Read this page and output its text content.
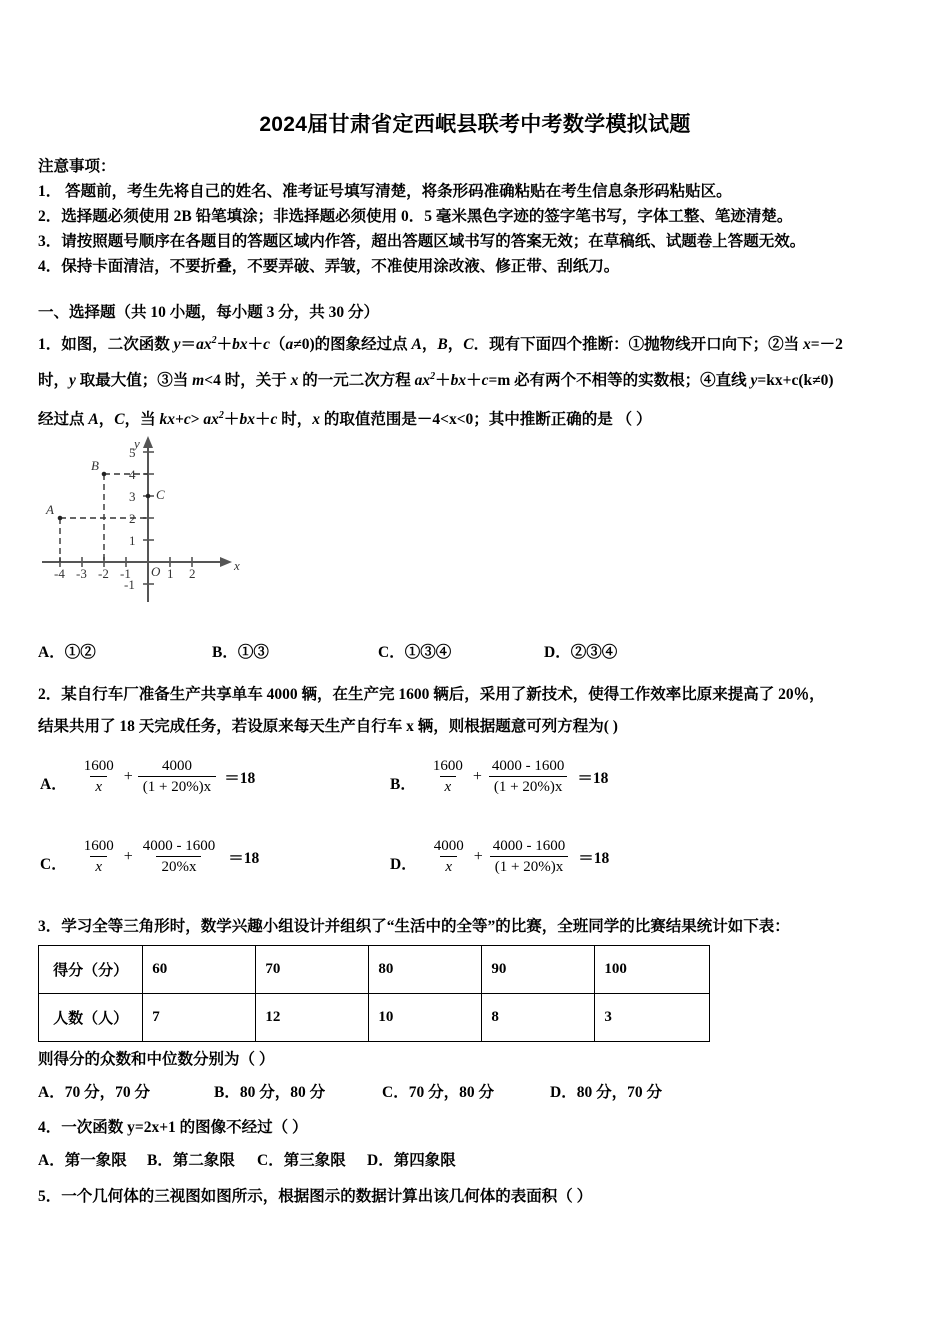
2024届甘肃省定西岷县联考中考数学模拟试题
注意事项：
1． 答题前，考生先将自己的姓名、准考证号填写清楚，将条形码准确粘贴在考生信息条形码粘贴区。
2．选择题必须使用 2B 铅笔填涂；非选择题必须使用 0．5 毫米黑色字迹的签字笔书写，字体工整、笔迹清楚。
3．请按照题号顺序在各题目的答题区域内作答，超出答题区域书写的答案无效；在草稿纸、试题卷上答题无效。
4．保持卡面清洁，不要折叠，不要弄破、弄皱，不准使用涂改液、修正带、刮纸刀。
一、选择题（共 10 小题，每小题 3 分，共 30 分）
1．如图，二次函数 $y=ax^2+bx+c(a\ne 0)$的图象经过点 A，B，C．现有下面四个推断：①抛物线开口向下；②当 x=－2
时，y 取最大值；③当 m<4 时，关于 x 的一元二次方程 $ax^2+bx+c=m$ 必有两个不相等的实数根；④直线 y=kx+c(k≠0)
经过点 A，C，当 $kx+c> ax^2+bx+c$ 时，x 的取值范围是－4<x<0；其中推断正确的是 （ ）
x
y
O
-4 -3 -2 -1	1 2
5
4
3
2
1
-1
A
B
C
A．①②	B．①③	C．①③④	D．②③④
2．某自行车厂准备生产共享单车 4000 辆，在生产完 1600 辆后，采用了新技术，使得工作效率比原来提高了 20％，
结果共用了 18 天完成任务，若设原来每天生产自行车 x 辆，则根据题意可列方程为( )
A． $\frac{1600}{x} + \frac{4000}{(1 + 20\%)x} =18$	B． $\frac{1600}{x} + \frac{4000 - 1600}{(1 + 20\%)x} =18$
C． $\frac{1600}{x} + \frac{4000 - 1600}{20\%x} =18$	D． $\frac{4000}{x} + \frac{4000 - 1600}{(1 + 20\%)x} =18$
3．学习全等三角形时，数学兴趣小组设计并组织了“生活中的全等”的比赛，全班同学的比赛结果统计如下表：
得分（分）	60	70	80	90	100
人数（人）	7	12	10	8	3
则得分的众数和中位数分别为（ ）
A．70 分，70 分	B．80 分，80 分	C．70 分，80 分	D．80 分，70 分
4．一次函数 y=2x+1 的图像不经过（ ）
A．第一象限 B．第二象限 C．第三象限 D．第四象限
5．一个几何体的三视图如图所示，根据图示的数据计算出该几何体的表面积（ ）
